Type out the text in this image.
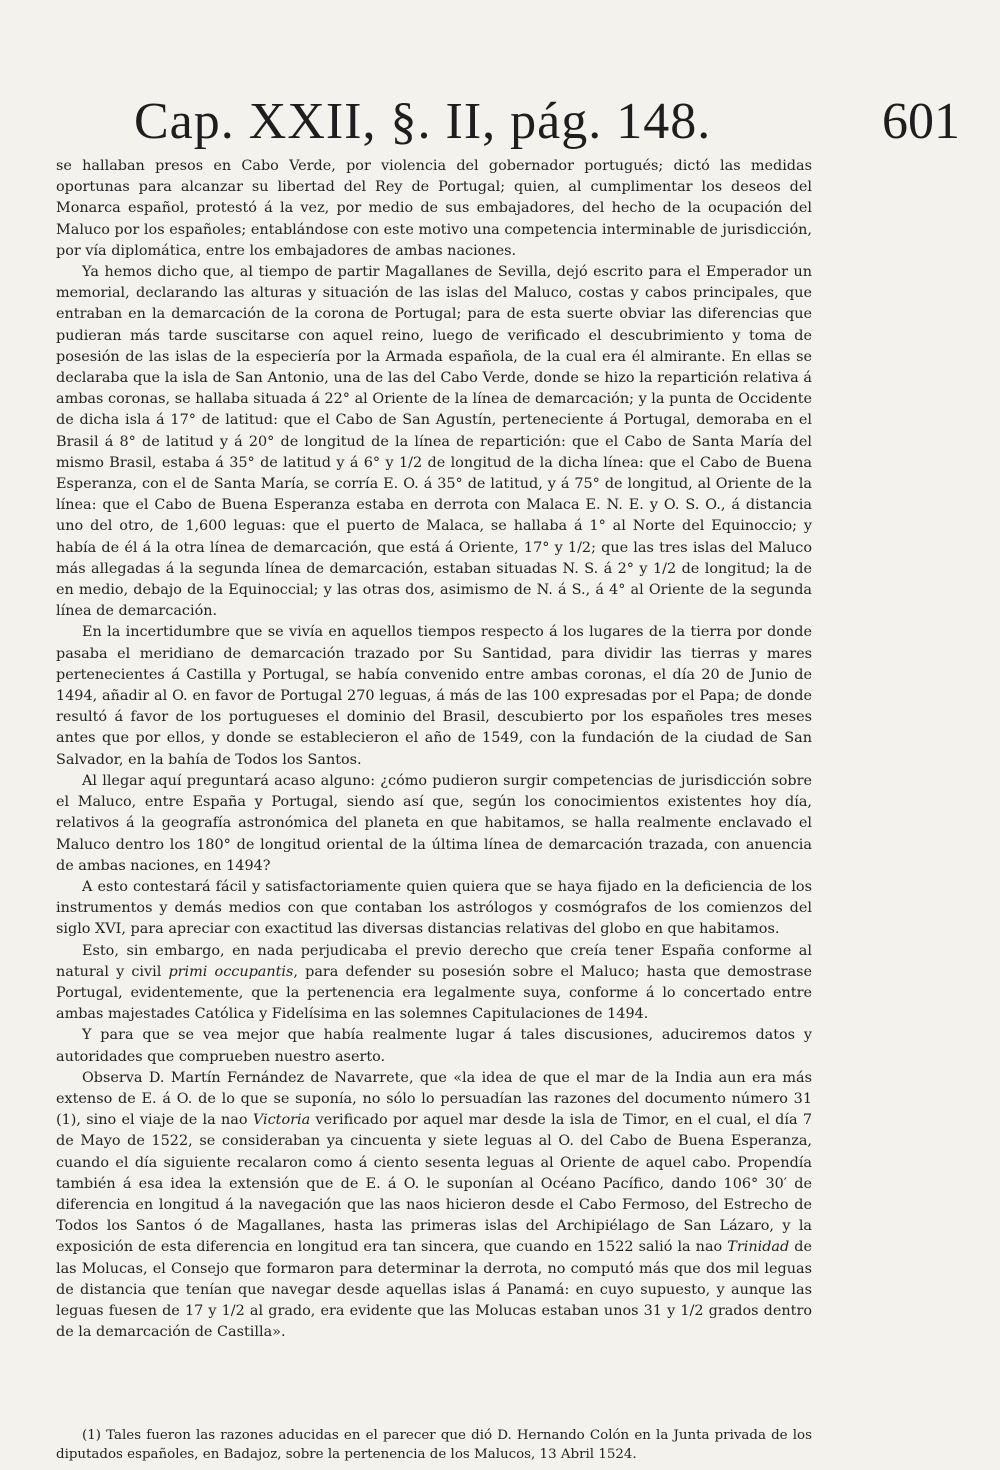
Cap. XXII, §. II, pág. 148.	601

se hallaban presos en Cabo Verde, por violencia del gobernador portugués; dictó las medidas oportunas para alcanzar su libertad del Rey de Portugal; quien, al cumplimentar los deseos del Monarca español, protestó á la vez, por medio de sus embajadores, del hecho de la ocupación del Maluco por los españoles; entablándose con este motivo una competencia interminable de jurisdicción, por vía diplomática, entre los embajadores de ambas naciones.

Ya hemos dicho que, al tiempo de partir Magallanes de Sevilla, dejó escrito para el Emperador un memorial, declarando las alturas y situación de las islas del Maluco, costas y cabos principales, que entraban en la demarcación de la corona de Portugal; para de esta suerte obviar las diferencias que pudieran más tarde suscitarse con aquel reino, luego de verificado el descubrimiento y toma de posesión de las islas de la especiería por la Armada española, de la cual era él almirante. En ellas se declaraba que la isla de San Antonio, una de las del Cabo Verde, donde se hizo la repartición relativa á ambas coronas, se hallaba situada á 22° al Oriente de la línea de demarcación; y la punta de Occidente de dicha isla á 17° de latitud: que el Cabo de San Agustín, perteneciente á Portugal, demoraba en el Brasil á 8° de latitud y á 20° de longitud de la línea de repartición: que el Cabo de Santa María del mismo Brasil, estaba á 35° de latitud y á 6° y 1/2 de longitud de la dicha línea: que el Cabo de Buena Esperanza, con el de Santa María, se corría E. O. á 35° de latitud, y á 75° de longitud, al Oriente de la línea: que el Cabo de Buena Esperanza estaba en derrota con Malaca E. N. E. y O. S. O., á distancia uno del otro, de 1,600 leguas: que el puerto de Malaca, se hallaba á 1° al Norte del Equinoccio; y había de él á la otra línea de demarcación, que está á Oriente, 17° y 1/2; que las tres islas del Maluco más allegadas á la segunda línea de demarcación, estaban situadas N. S. á 2° y 1/2 de longitud; la de en medio, debajo de la Equinoccial; y las otras dos, asimismo de N. á S., á 4° al Oriente de la segunda línea de demarcación.

En la incertidumbre que se vivía en aquellos tiempos respecto á los lugares de la tierra por donde pasaba el meridiano de demarcación trazado por Su Santidad, para dividir las tierras y mares pertenecientes á Castilla y Portugal, se había convenido entre ambas coronas, el día 20 de Junio de 1494, añadir al O. en favor de Portugal 270 leguas, á más de las 100 expresadas por el Papa; de donde resultó á favor de los portugueses el dominio del Brasil, descubierto por los españoles tres meses antes que por ellos, y donde se establecieron el año de 1549, con la fundación de la ciudad de San Salvador, en la bahía de Todos los Santos.

Al llegar aquí preguntará acaso alguno: ¿cómo pudieron surgir competencias de jurisdicción sobre el Maluco, entre España y Portugal, siendo así que, según los conocimientos existentes hoy día, relativos á la geografía astronómica del planeta en que habitamos, se halla realmente enclavado el Maluco dentro los 180° de longitud oriental de la última línea de demarcación trazada, con anuencia de ambas naciones, en 1494?

A esto contestará fácil y satisfactoriamente quien quiera que se haya fijado en la deficiencia de los instrumentos y demás medios con que contaban los astrólogos y cosmógrafos de los comienzos del siglo XVI, para apreciar con exactitud las diversas distancias relativas del globo en que habitamos.

Esto, sin embargo, en nada perjudicaba el previo derecho que creía tener España conforme al natural y civil primi occupantis, para defender su posesión sobre el Maluco; hasta que demostrase Portugal, evidentemente, que la pertenencia era legalmente suya, conforme á lo concertado entre ambas majestades Católica y Fidelísima en las solemnes Capitulaciones de 1494.

Y para que se vea mejor que había realmente lugar á tales discusiones, aduciremos datos y autoridades que comprueben nuestro aserto.

Observa D. Martín Fernández de Navarrete, que «la idea de que el mar de la India aun era más extenso de E. á O. de lo que se suponía, no sólo lo persuadían las razones del documento número 31 (1), sino el viaje de la nao Victoria verificado por aquel mar desde la isla de Timor, en el cual, el día 7 de Mayo de 1522, se consideraban ya cincuenta y siete leguas al O. del Cabo de Buena Esperanza, cuando el día siguiente recalaron como á ciento sesenta leguas al Oriente de aquel cabo. Propendía también á esa idea la extensión que de E. á O. le suponían al Océano Pacífico, dando 106° 30′ de diferencia en longitud á la navegación que las naos hicieron desde el Cabo Fermoso, del Estrecho de Todos los Santos ó de Magallanes, hasta las primeras islas del Archipiélago de San Lázaro, y la exposición de esta diferencia en longitud era tan sincera, que cuando en 1522 salió la nao Trinidad de las Molucas, el Consejo que formaron para determinar la derrota, no computó más que dos mil leguas de distancia que tenían que navegar desde aquellas islas á Panamá: en cuyo supuesto, y aunque las leguas fuesen de 17 y 1/2 al grado, era evidente que las Molucas estaban unos 31 y 1/2 grados dentro de la demarcación de Castilla».

(1) Tales fueron las razones aducidas en el parecer que dió D. Hernando Colón en la Junta privada de los diputados españoles, en Badajoz, sobre la pertenencia de los Malucos, 13 Abril 1524.
